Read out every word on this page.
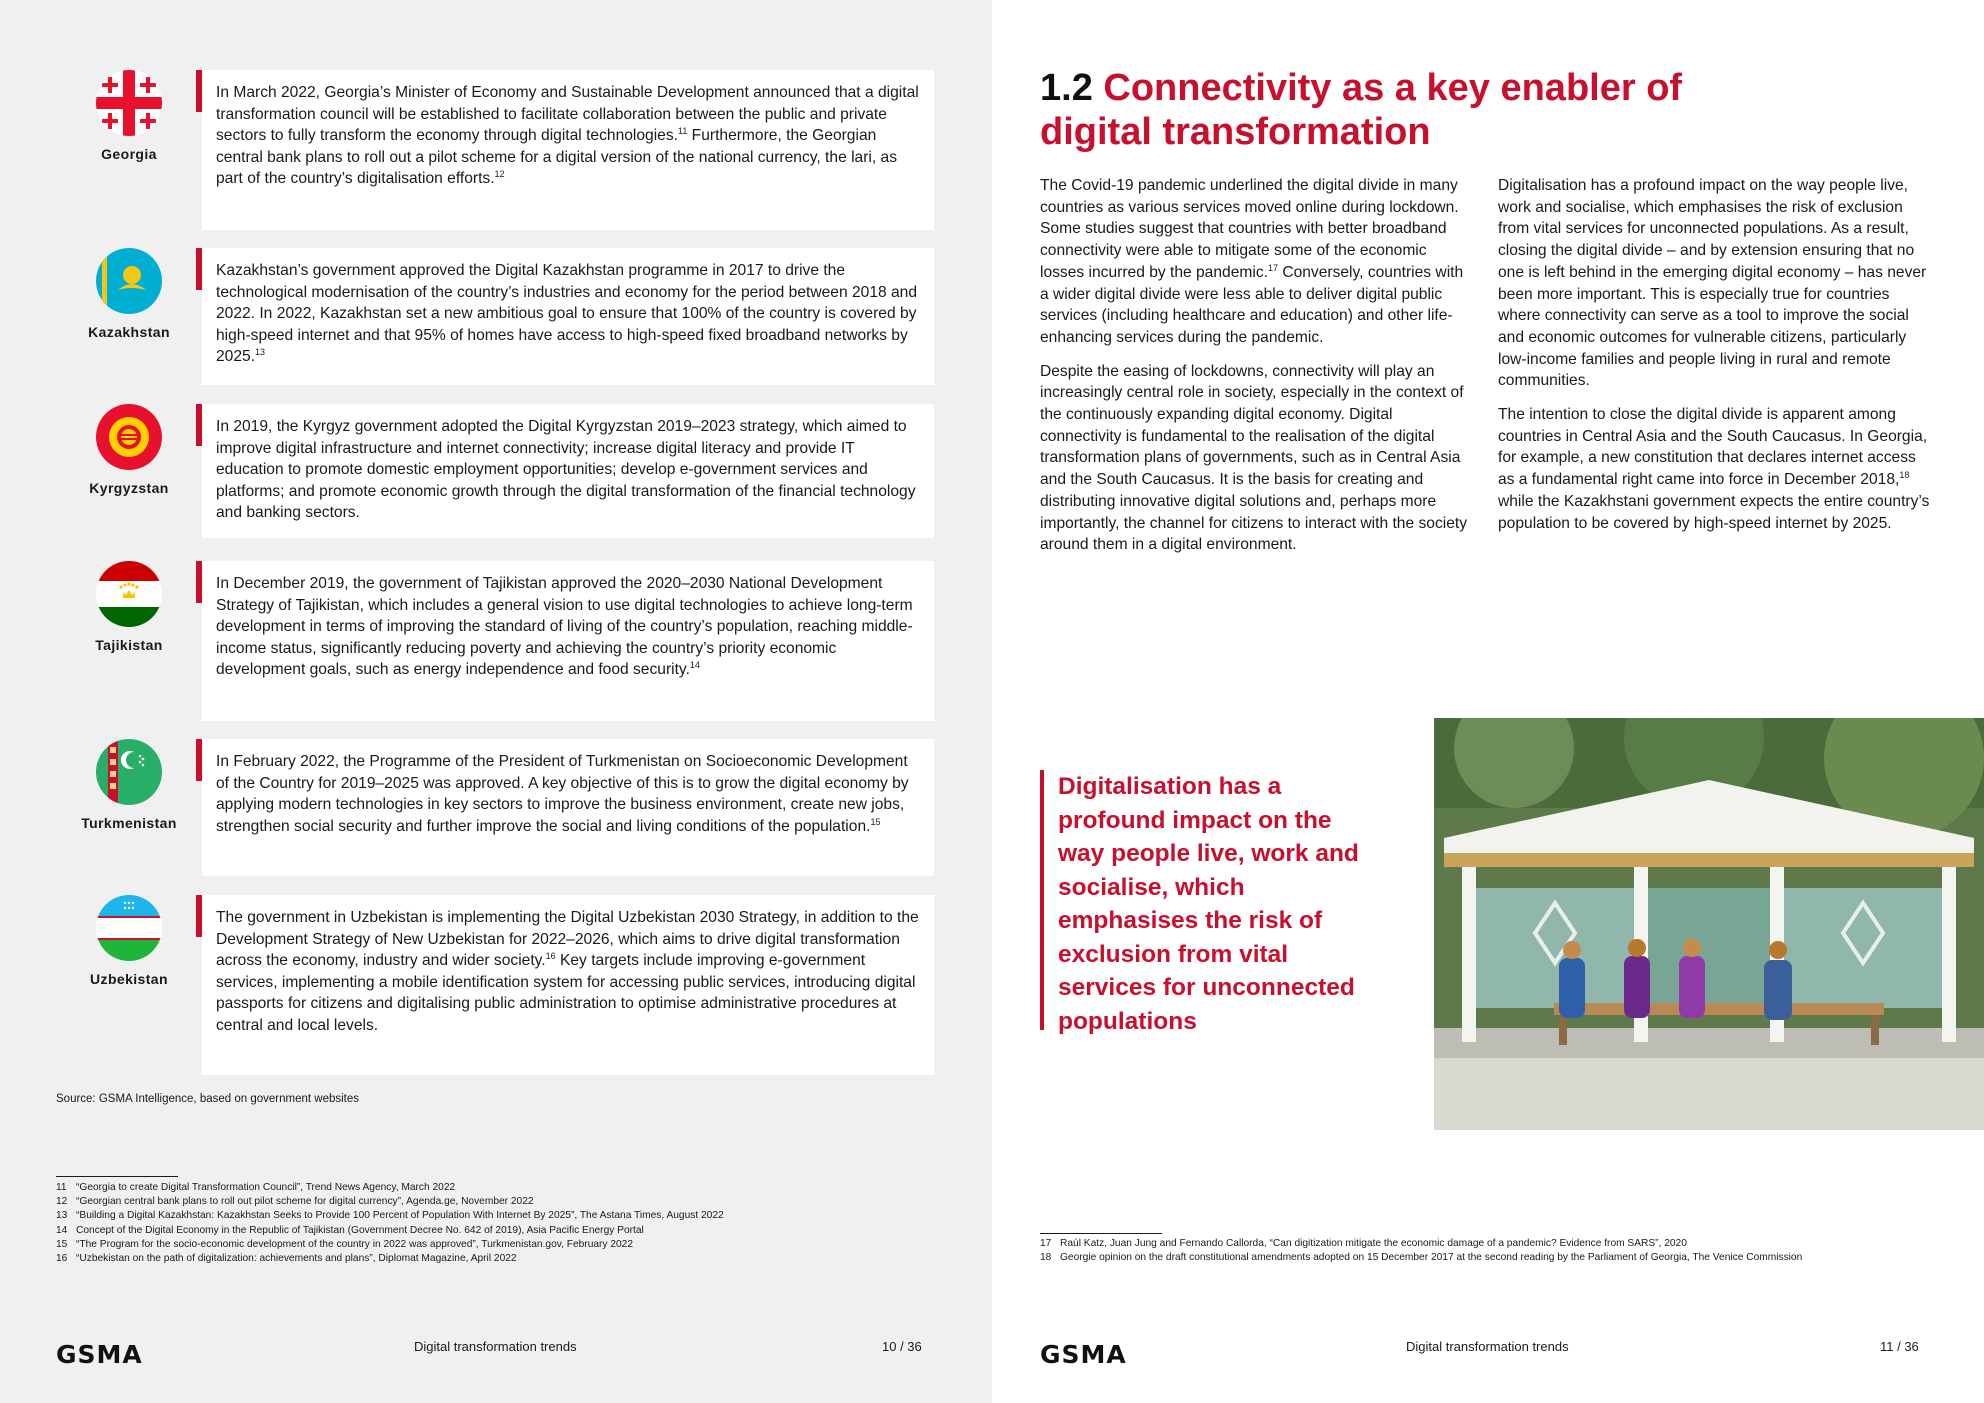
Georgia

In March 2022, Georgia’s Minister of Economy and Sustainable Development announced that a digital transformation council will be established to facilitate collaboration between the public and private sectors to fully transform the economy through digital technologies.$^{11}$ Furthermore, the Georgian central bank plans to roll out a pilot scheme for a digital version of the national currency, the lari, as part of the country’s digitalisation efforts.$^{12}$

Kazakhstan

Kazakhstan’s government approved the Digital Kazakhstan programme in 2017 to drive the technological modernisation of the country’s industries and economy for the period between 2018 and 2022. In 2022, Kazakhstan set a new ambitious goal to ensure that 100% of the country is covered by high-speed internet and that 95% of homes have access to high-speed fixed broadband networks by 2025.13

Kyrgyzstan

In 2019, the Kyrgyz government adopted the Digital Kyrgyzstan 2019–2023 strategy, which aimed to improve digital infrastructure and internet connectivity; increase digital literacy and provide IT education to promote domestic employment opportunities; develop e-government services and platforms; and promote economic growth through the digital transformation of the financial technology and banking sectors.

Tajikistan

In December 2019, the government of Tajikistan approved the 2020–2030 National Development Strategy of Tajikistan, which includes a general vision to use digital technologies to achieve long-term development in terms of improving the standard of living of the country’s population, reaching middle-income status, significantly reducing poverty and achieving the country’s priority economic development goals, such as energy independence and food security.$^{14}$

Turkmenistan

In February 2022, the Programme of the President of Turkmenistan on Socioeconomic Development of the Country for 2019–2025 was approved. A key objective of this is to grow the digital economy by applying modern technologies in key sectors to improve the business environment, create new jobs, strengthen social security and further improve the social and living conditions of the population.$^{15}$

Uzbekistan

The government in Uzbekistan is implementing the Digital Uzbekistan 2030 Strategy, in addition to the Development Strategy of New Uzbekistan for 2022–2026, which aims to drive digital transformation across the economy, industry and wider society.$^{16}$ Key targets include improving e-government services, implementing a mobile identification system for accessing public services, introducing digital passports for citizens and digitalising public administration to optimise administrative procedures at central and local levels.

Source: GSMA Intelligence, based on government websites
11 “Georgia to create Digital Transformation Council”, Trend News Agency, March 2022
12 “Georgian central bank plans to roll out pilot scheme for digital currency”, Agenda.ge, November 2022
13 “Building a Digital Kazakhstan: Kazakhstan Seeks to Provide 100 Percent of Population With Internet By 2025”, The Astana Times, August 2022
14 Concept of the Digital Economy in the Republic of Tajikistan (Government Decree No. 642 of 2019), Asia Pacific Energy Portal
15 “The Program for the socio-economic development of the country in 2022 was approved”, Turkmenistan.gov, February 2022
16 “Uzbekistan on the path of digitalization: achievements and plans”, Diplomat Magazine, April 2022
GSMA	Digital transformation trends	10 / 36
1.2 Connectivity as a key enabler of digital transformation

The Covid-19 pandemic underlined the digital divide in many countries as various services moved online during lockdown. Some studies suggest that countries with better broadband connectivity were able to mitigate some of the economic losses incurred by the pandemic.$^{17}$ Conversely, countries with a wider digital divide were less able to deliver digital public services (including healthcare and education) and other life-enhancing services during the pandemic.

Despite the easing of lockdowns, connectivity will play an increasingly central role in society, especially in the context of the continuously expanding digital economy. Digital connectivity is fundamental to the realisation of the digital transformation plans of governments, such as in Central Asia and the South Caucasus. It is the basis for creating and distributing innovative digital solutions and, perhaps more importantly, the channel for citizens to interact with the society around them in a digital environment.

Digitalisation has a profound impact on the way people live, work and socialise, which emphasises the risk of exclusion from vital services for unconnected populations. As a result, closing the digital divide – and by extension ensuring that no one is left behind in the emerging digital economy – has never been more important. This is especially true for countries where connectivity can serve as a tool to improve the social and economic outcomes for vulnerable citizens, particularly low-income families and people living in rural and remote communities.

The intention to close the digital divide is apparent among countries in Central Asia and the South Caucasus. In Georgia, for example, a new constitution that declares internet access as a fundamental right came into force in December 2018,18 while the Kazakhstani government expects the entire country’s population to be covered by high-speed internet by 2025.

Digitalisation has a profound impact on the way people live, work and socialise, which emphasises the risk of exclusion from vital services for unconnected populations

17 Raúl Katz, Juan Jung and Fernando Callorda, “Can digitization mitigate the economic damage of a pandemic? Evidence from SARS”, 2020
18 Georgie opinion on the draft constitutional amendments adopted on 15 December 2017 at the second reading by the Parliament of Georgia, The Venice Commission
GSMA	Digital transformation trends	11 / 36
